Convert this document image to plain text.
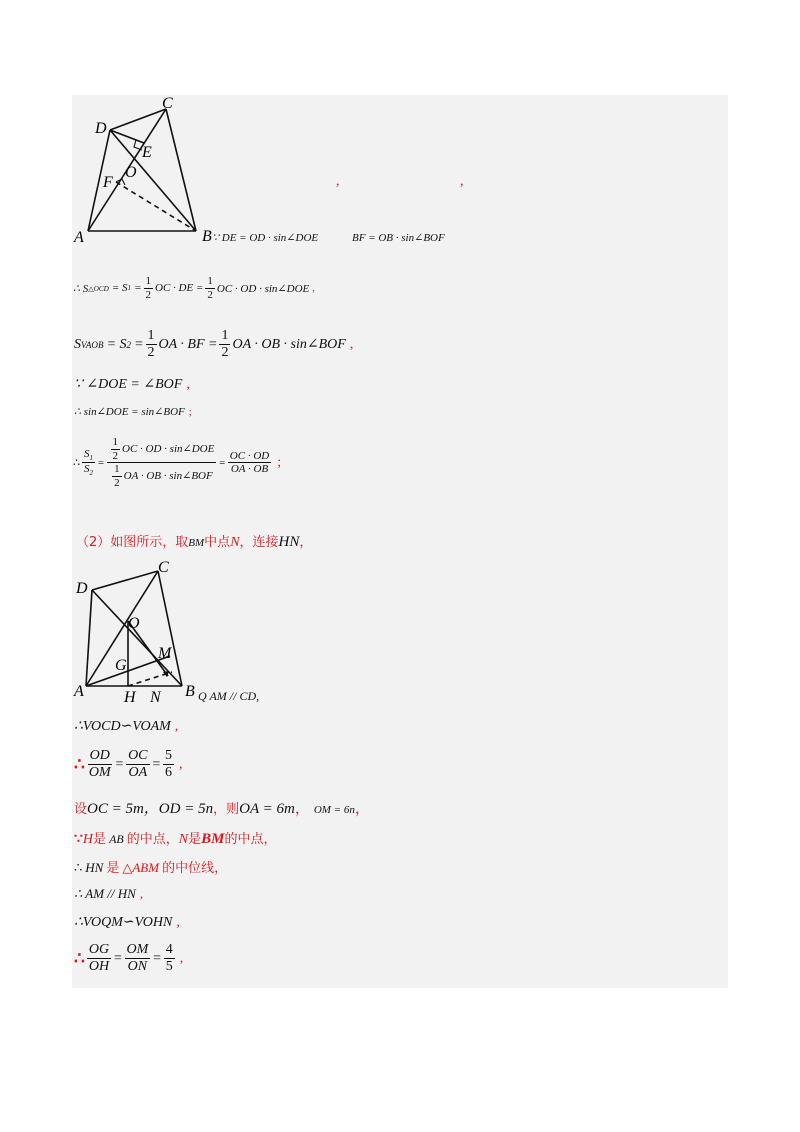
A	B
C
D
E
F
O
,	,
∵ DE = OD · sin∠DOE	BF = OB · sin∠BOF
∴ S △OCD = S $1 = \frac{1}{2}$ OC · DE = $\frac{1}{2}$ OC · OD · sin∠DOE ,
S VAOB = S $2 = \frac{1}{2}$ OA · BF = $\frac{1}{2}$ OA · OB · sin∠BOF ,
∵ ∠DOE = ∠BOF ,
∴ sin∠DOE = sin∠BOF ;
∴ $\frac{S_1}{S_2} = \frac{\frac{1}{2} OC \cdot OD \cdot \sin\angle DOE}{\frac{1}{2} OA \cdot OB \cdot \sin\angle BOF} = \frac{OC \cdot OD}{OA \cdot OB}$ ;
（2）如图所示，取BM中点N，连接HN，
A	B
C
D
O
G
M
H N	Q AM // CD,
∴VOCD∽VOAM ,
∴ $\frac{OD}{OM} = \frac{OC}{OA} = \frac{5}{6}$ ,
设 OC = 5m，OD = 5n ，则 OA = 6m ， OM = 6n ，
∵ H 是 AB 的中点， N 是 BM 的中点，
∴ HN 是 △ABM 的中位线，
∴ AM // HN ,
∴VOQM∽VOHN ,
∴ $\frac{OG}{OH} = \frac{OM}{ON} = \frac{4}{5}$ ,
